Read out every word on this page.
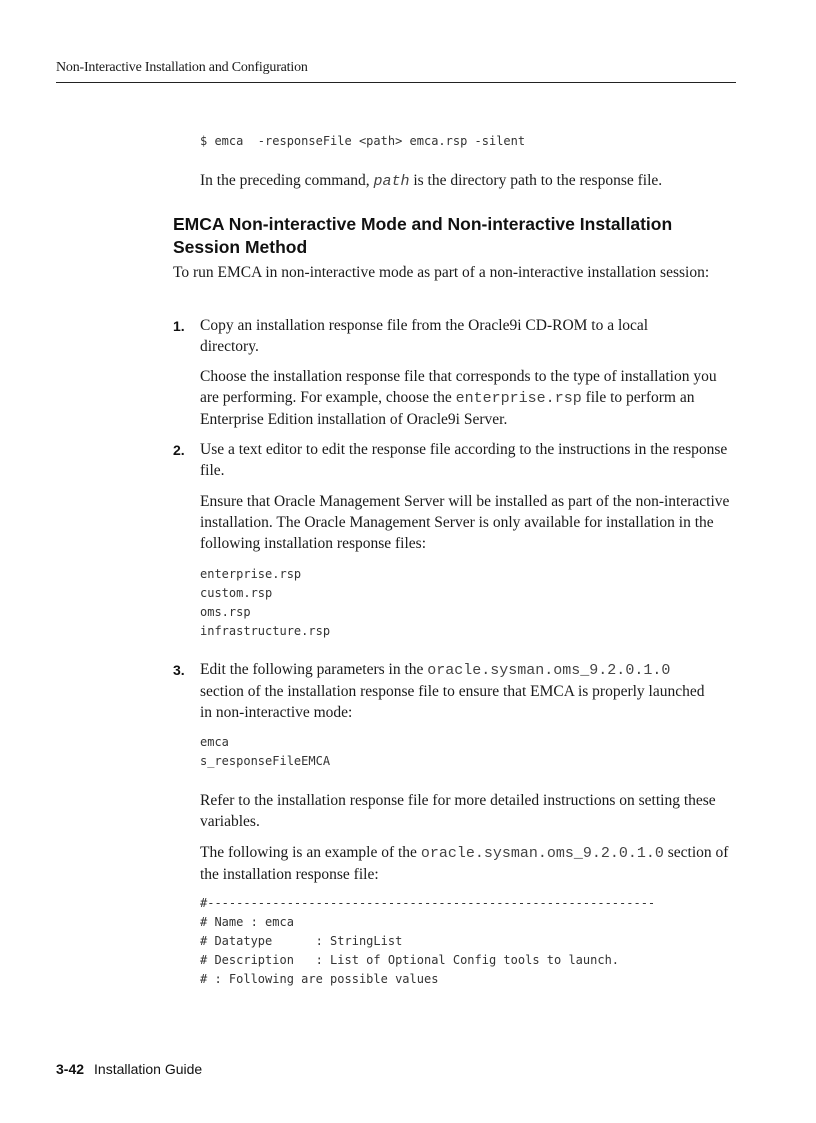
Non-Interactive Installation and Configuration
$ emca  -responseFile <path> emca.rsp -silent
In the preceding command, path is the directory path to the response file.
EMCA Non-interactive Mode and Non-interactive Installation Session Method
To run EMCA in non-interactive mode as part of a non-interactive installation session:
1. Copy an installation response file from the Oracle9i CD-ROM to a local directory.
Choose the installation response file that corresponds to the type of installation you are performing. For example, choose the enterprise.rsp file to perform an Enterprise Edition installation of Oracle9i Server.
2. Use a text editor to edit the response file according to the instructions in the response file.
Ensure that Oracle Management Server will be installed as part of the non-interactive installation. The Oracle Management Server is only available for installation in the following installation response files:
enterprise.rsp
custom.rsp
oms.rsp
infrastructure.rsp
3. Edit the following parameters in the oracle.sysman.oms_9.2.0.1.0 section of the installation response file to ensure that EMCA is properly launched in non-interactive mode:
emca
s_responseFileEMCA
Refer to the installation response file for more detailed instructions on setting these variables.
The following is an example of the oracle.sysman.oms_9.2.0.1.0 section of the installation response file:
#--------------------------------------------------------------
# Name : emca
# Datatype      : StringList
# Description   : List of Optional Config tools to launch.
# : Following are possible values
3-42 Installation Guide
